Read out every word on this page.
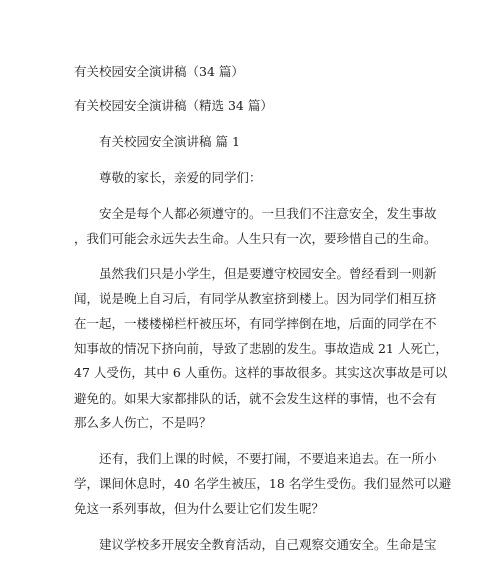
有关校园安全演讲稿（34 篇）
有关校园安全演讲稿（精选 34 篇）
有关校园安全演讲稿 篇 1
尊敬的家长，亲爱的同学们：
安全是每个人都必须遵守的。一旦我们不注意安全，发生事故
，我们可能会永远失去生命。人生只有一次，要珍惜自己的生命。
虽然我们只是小学生，但是要遵守校园安全。曾经看到一则新
闻，说是晚上自习后，有同学从教室挤到楼上。因为同学们相互挤
在一起，一楼楼梯栏杆被压坏，有同学摔倒在地，后面的同学在不
知事故的情况下挤向前，导致了悲剧的发生。事故造成 21 人死亡，
47 人受伤，其中 6 人重伤。这样的事故很多。其实这次事故是可以
避免的。如果大家都排队的话，就不会发生这样的事情，也不会有
那么多人伤亡，不是吗？
还有，我们上课的时候，不要打闹，不要追来追去。在一所小
学，课间休息时，40 名学生被压，18 名学生受伤。我们显然可以避
免这一系列事故，但为什么要让它们发生呢？
建议学校多开展安全教育活动，自己观察交通安全。生命是宝
